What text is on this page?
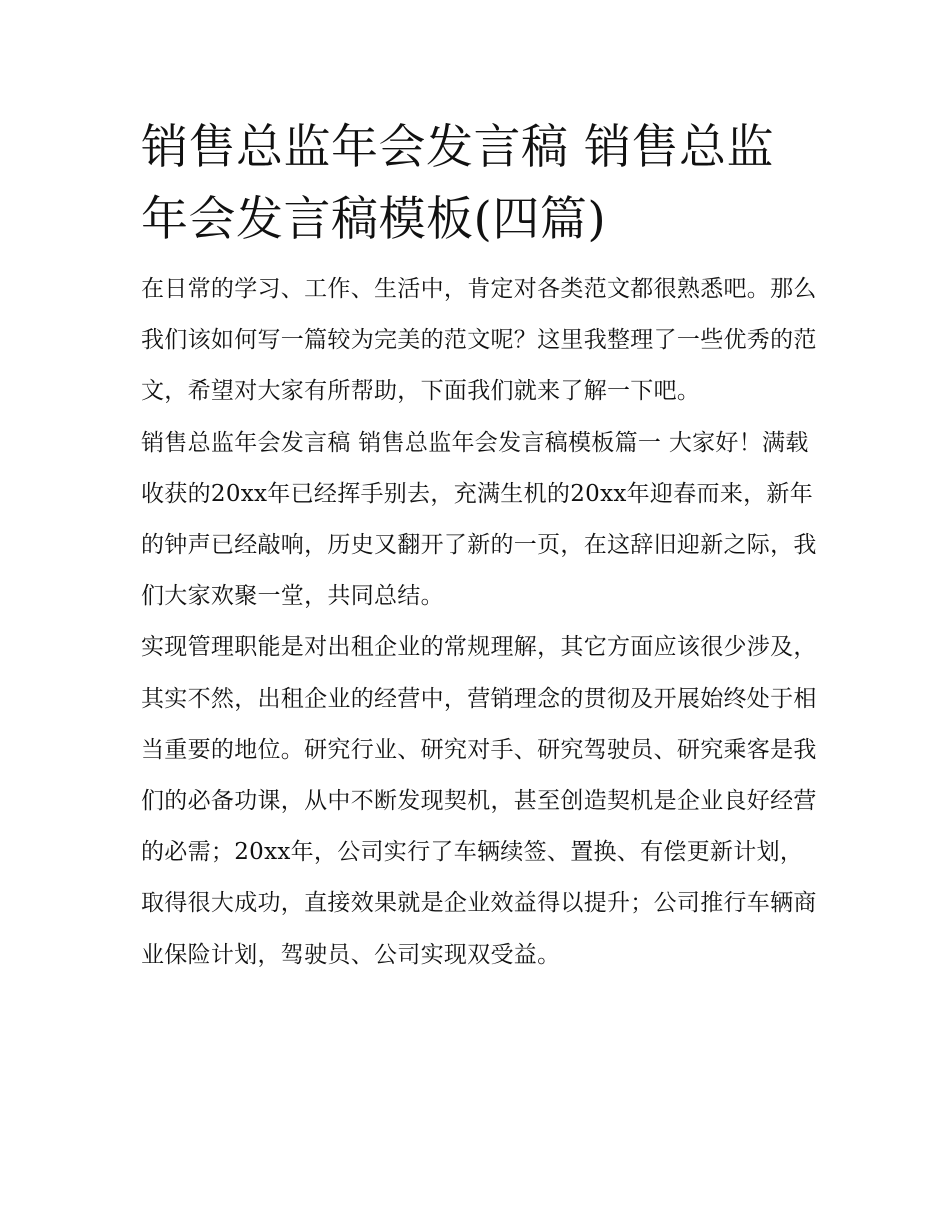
销售总监年会发言稿 销售总监年会发言稿模板(四篇)

在日常的学习、工作、生活中，肯定对各类范文都很熟悉吧。那么我们该如何写一篇较为完美的范文呢？这里我整理了一些优秀的范文，希望对大家有所帮助，下面我们就来了解一下吧。

销售总监年会发言稿 销售总监年会发言稿模板篇一 大家好！满载收获的20xx年已经挥手别去，充满生机的20xx年迎春而来，新年的钟声已经敲响，历史又翻开了新的一页，在这辞旧迎新之际，我们大家欢聚一堂，共同总结。

实现管理职能是对出租企业的常规理解，其它方面应该很少涉及，其实不然，出租企业的经营中，营销理念的贯彻及开展始终处于相当重要的地位。研究行业、研究对手、研究驾驶员、研究乘客是我们的必备功课，从中不断发现契机，甚至创造契机是企业良好经营的必需；20xx年，公司实行了车辆续签、置换、有偿更新计划，取得很大成功，直接效果就是企业效益得以提升；公司推行车辆商业保险计划，驾驶员、公司实现双受益。
